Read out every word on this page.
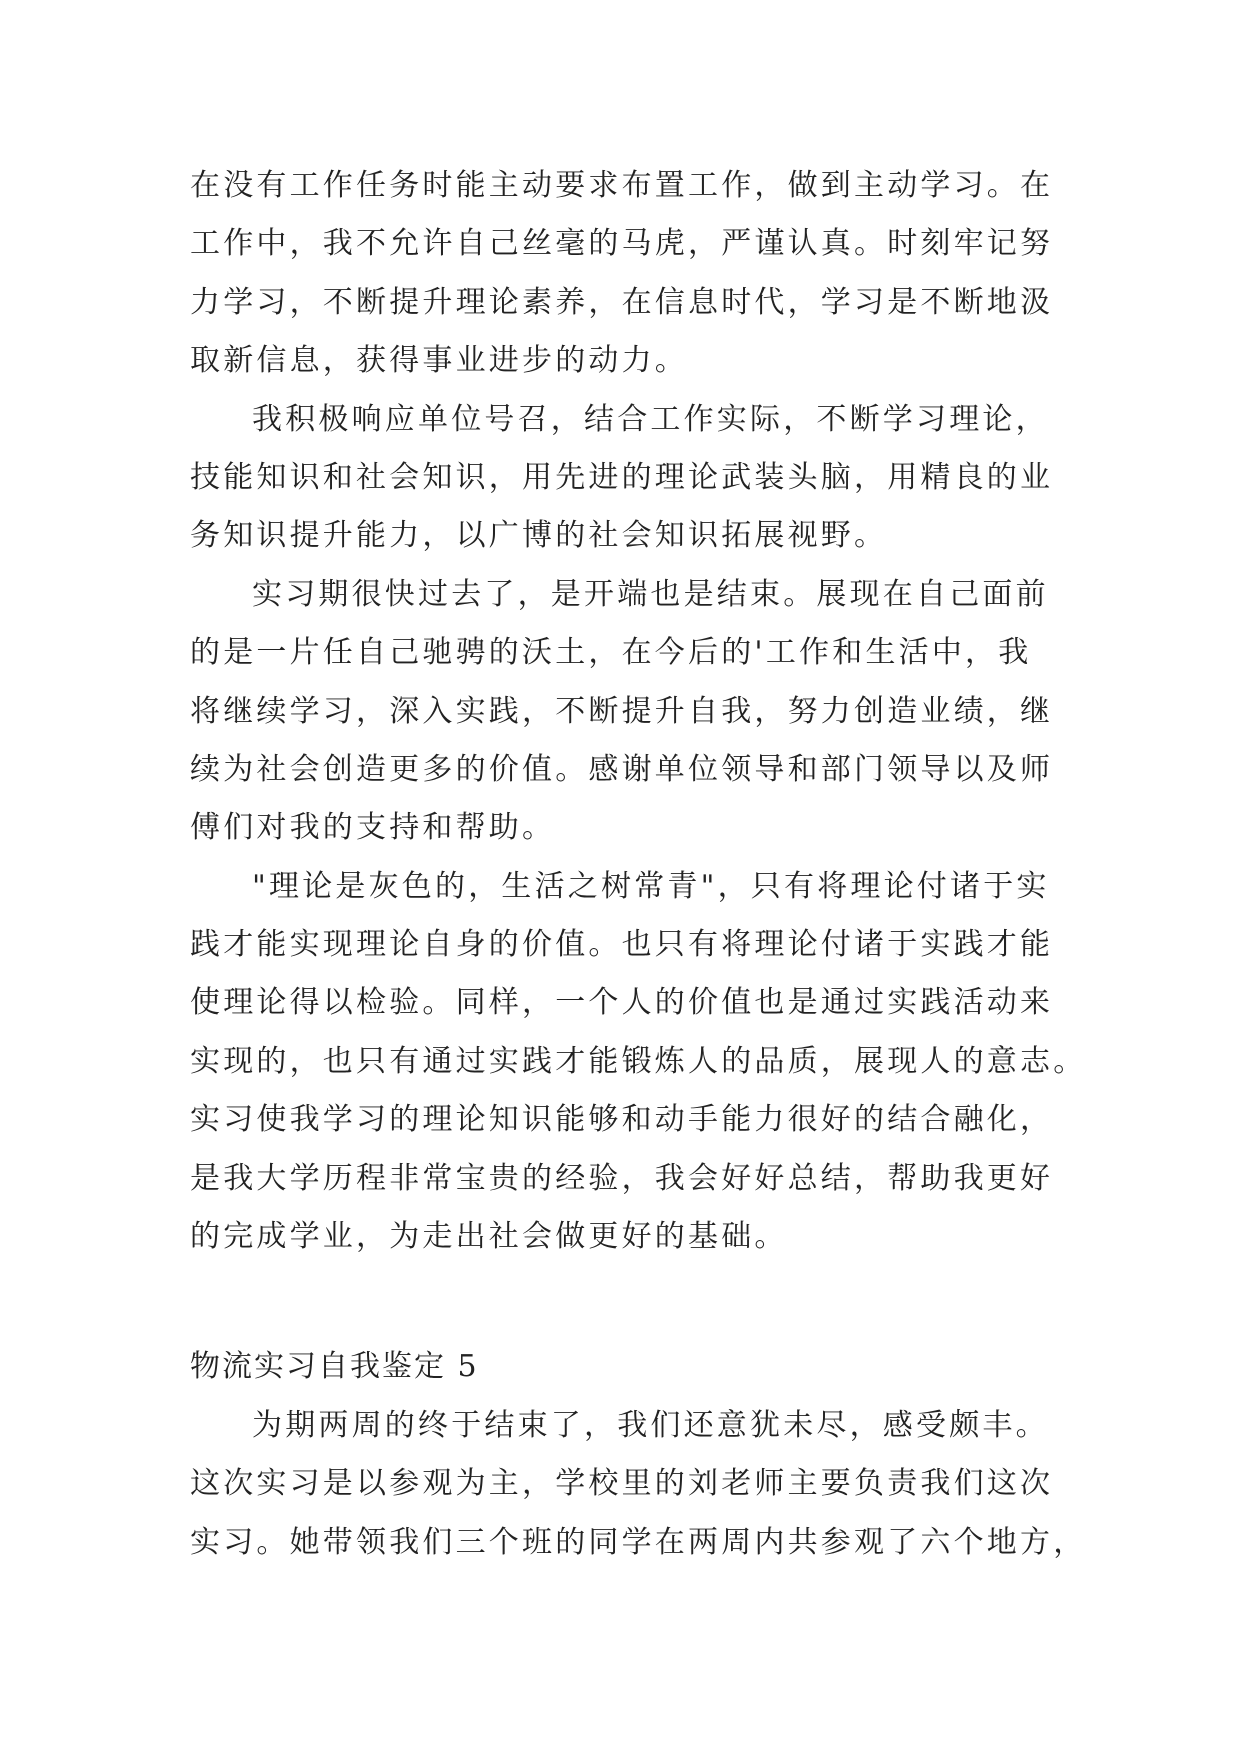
在没有工作任务时能主动要求布置工作，做到主动学习。在
工作中，我不允许自己丝毫的马虎，严谨认真。时刻牢记努
力学习，不断提升理论素养，在信息时代，学习是不断地汲
取新信息，获得事业进步的动力。
我积极响应单位号召，结合工作实际，不断学习理论，
技能知识和社会知识，用先进的理论武装头脑，用精良的业
务知识提升能力，以广博的社会知识拓展视野。
实习期很快过去了，是开端也是结束。展现在自己面前
的是一片任自己驰骋的沃土，在今后的'工作和生活中，我
将继续学习，深入实践，不断提升自我，努力创造业绩，继
续为社会创造更多的价值。感谢单位领导和部门领导以及师
傅们对我的支持和帮助。
"理论是灰色的，生活之树常青"，只有将理论付诸于实
践才能实现理论自身的价值。也只有将理论付诸于实践才能
使理论得以检验。同样，一个人的价值也是通过实践活动来
实现的，也只有通过实践才能锻炼人的品质，展现人的意志。
实习使我学习的理论知识能够和动手能力很好的结合融化，
是我大学历程非常宝贵的经验，我会好好总结，帮助我更好
的完成学业，为走出社会做更好的基础。
物流实习自我鉴定 5
为期两周的终于结束了，我们还意犹未尽，感受颇丰。
这次实习是以参观为主，学校里的刘老师主要负责我们这次
实习。她带领我们三个班的同学在两周内共参观了六个地方，
